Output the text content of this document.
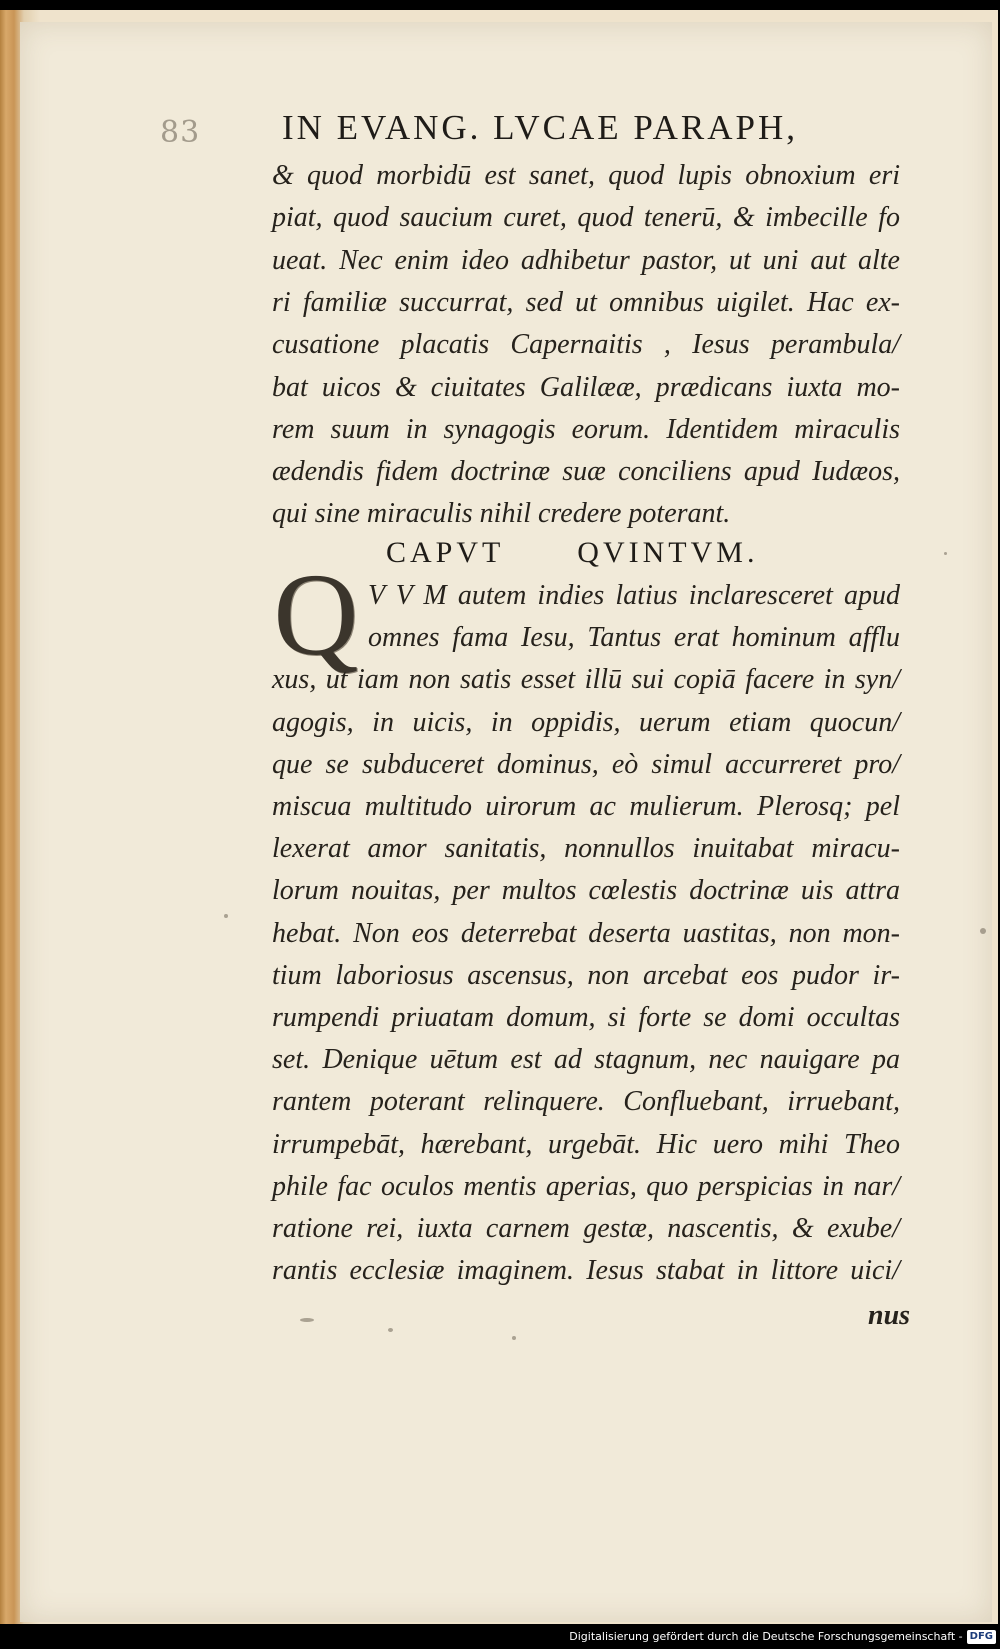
83 IN EVANG. LVCAE PARAPH,
& quod morbidū est sanet, quod lupis obnoxium eri
piat, quod saucium curet, quod tenerū, & imbecille fo
ueat. Nec enim ideo adhibetur pastor, ut uni aut alte
ri familiæ succurrat, sed ut omnibus uigilet. Hac ex-
cusatione placatis Capernaitis , Iesus perambula/
bat uicos & ciuitates Galilææ, prædicans iuxta mo-
rem suum in synagogis eorum. Identidem miraculis
ædendis fidem doctrinæ suæ conciliens apud Iudæos,
qui sine miraculis nihil credere poterant.
CAPVT QVINTVM.
Q V V M autem indies latius inclaresceret apud
omnes fama Iesu, Tantus erat hominum afflu
xus, ut iam non satis esset illū sui copiā facere in syn/
agogis, in uicis, in oppidis, uerum etiam quocun/
que se subduceret dominus, eò simul accurreret pro/
miscua multitudo uirorum ac mulierum. Plerosq; pel
lexerat amor sanitatis, nonnullos inuitabat miracu-
lorum nouitas, per multos cœlestis doctrinæ uis attra
hebat. Non eos deterrebat deserta uastitas, non mon-
tium laboriosus ascensus, non arcebat eos pudor ir-
rumpendi priuatam domum, si forte se domi occultas
set. Denique uētum est ad stagnum, nec nauigare pa
rantem poterant relinquere. Confluebant, irruebant,
irrumpebāt, hærebant, urgebāt. Hic uero mihi Theo
phile fac oculos mentis aperias, quo perspicias in nar/
ratione rei, iuxta carnem gestæ, nascentis, & exube/
rantis ecclesiæ imaginem. Iesus stabat in littore uici/
nus
Digitalisierung gefördert durch die Deutsche Forschungsgemeinschaft - DFG
